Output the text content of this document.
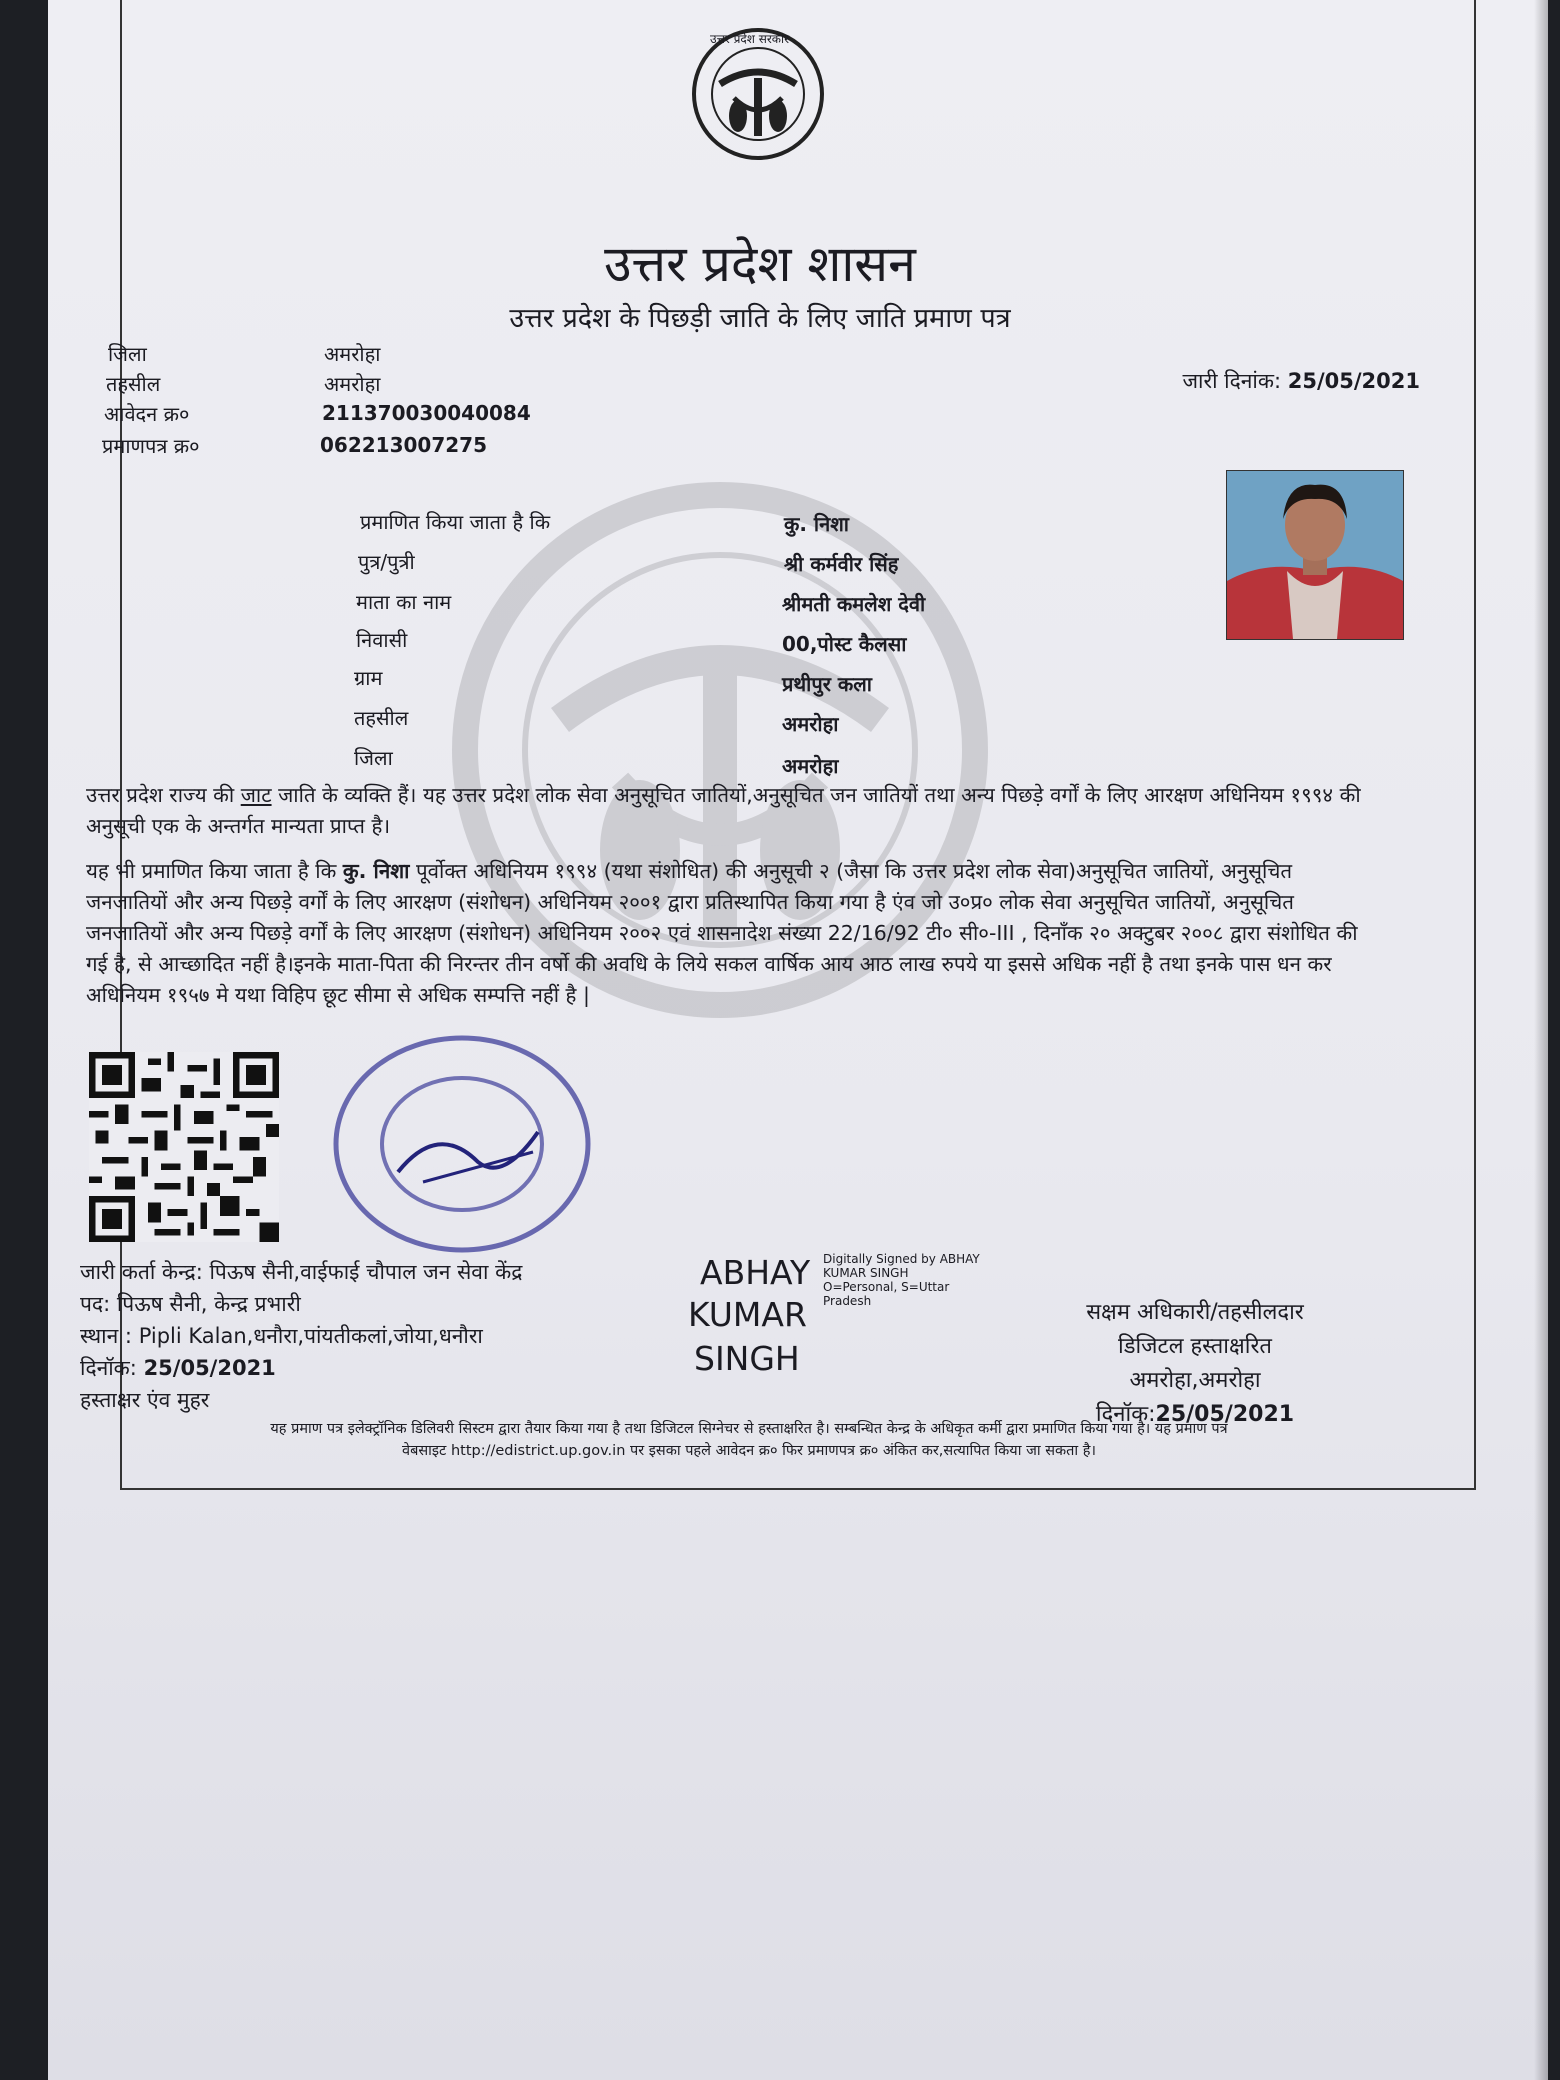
उत्तर प्रदेश सरकार
उत्तर प्रदेश शासन
उत्तर प्रदेश के पिछड़ी जाति के लिए जाति प्रमाण पत्र
जिला	अमरोहा
तहसील	अमरोहा
आवेदन क्र०	211370030040084
प्रमाणपत्र क्र०	062213007275
जारी दिनांक: 25/05/2021
प्रमाणित किया जाता है कि	कु. निशा
पुत्र/पुत्री	श्री कर्मवीर सिंह
माता का नाम	श्रीमती कमलेश देवी
निवासी	00,पोस्ट कैलसा
ग्राम	प्रथीपुर कला
तहसील	अमरोहा
जिला	अमरोहा
उत्तर प्रदेश राज्य की जाट जाति के व्यक्ति हैं। यह उत्तर प्रदेश लोक सेवा अनुसूचित जातियों,अनुसूचित जन जातियों तथा अन्य पिछड़े वर्गों के लिए आरक्षण अधिनियम १९९४ की अनुसूची एक के अन्तर्गत मान्यता प्राप्त है।
यह भी प्रमाणित किया जाता है कि कु. निशा पूर्वोक्त अधिनियम १९९४ (यथा संशोधित) की अनुसूची २ (जैसा कि उत्तर प्रदेश लोक सेवा)अनुसूचित जातियों, अनुसूचित जनजातियों और अन्य पिछड़े वर्गों के लिए आरक्षण (संशोधन) अधिनियम २००१ द्वारा प्रतिस्थापित किया गया है एंव जो उ०प्र० लोक सेवा अनुसूचित जातियों, अनुसूचित जनजातियों और अन्य पिछड़े वर्गों के लिए आरक्षण (संशोधन) अधिनियम २००२ एवं शासनादेश संख्या 22/16/92 टी० सी०-III , दिनाँक २० अक्टुबर २००८ द्वारा संशोधित की गई है, से आच्छादित नहीं है।इनके माता-पिता की निरन्तर तीन वर्षो की अवधि के लिये सकल वार्षिक आय आठ लाख रुपये या इससे अधिक नहीं है तथा इनके पास धन कर अधिनियम १९५७ मे यथा विहिप छूट सीमा से अधिक सम्पत्ति नहीं है |
जारी कर्ता केन्द्र: पिऊष सैनी,वाईफाई चौपाल जन सेवा केंद्र
पद: पिऊष सैनी, केन्द्र प्रभारी
स्थान : Pipli Kalan,धनौरा,पांयतीकलां,जोया,धनौरा
दिनॉक: 25/05/2021
हस्ताक्षर एंव मुहर
ABHAY
KUMAR
SINGH
Digitally Signed by ABHAY
KUMAR SINGH
O=Personal, S=Uttar
Pradesh	सक्षम अधिकारी/तहसीलदार
डिजिटल हस्ताक्षरित
अमरोहा,अमरोहा
दिनॉक:25/05/2021
यह प्रमाण पत्र इलेक्ट्रॉनिक डिलिवरी सिस्टम द्वारा तैयार किया गया है तथा डिजिटल सिग्नेचर से हस्ताक्षरित है। सम्बन्धित केन्द्र के अधिकृत कर्मी द्वारा प्रमाणित किया गया है। यह प्रमाण पत्र
वेबसाइट http://edistrict.up.gov.in पर इसका पहले आवेदन क्र० फिर प्रमाणपत्र क्र० अंकित कर,सत्यापित किया जा सकता है।
